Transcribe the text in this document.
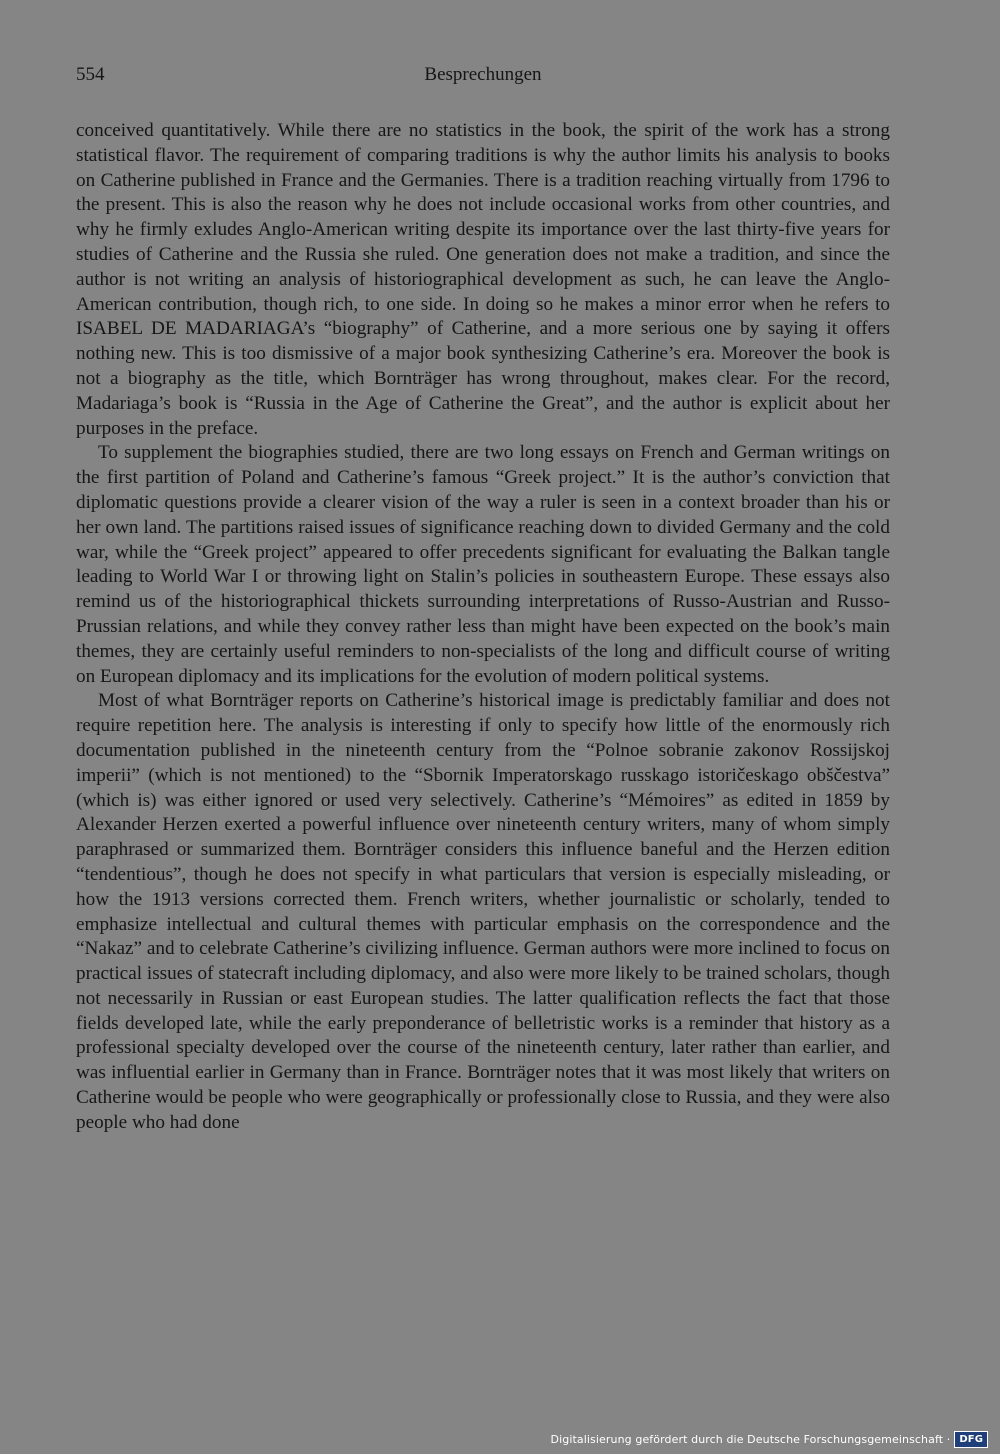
554	Besprechungen

conceived quantitatively. While there are no statistics in the book, the spirit of the work has a strong statistical flavor. The requirement of comparing traditions is why the author limits his analysis to books on Catherine published in France and the Germanies. There is a tradition reaching virtually from 1796 to the present. This is also the reason why he does not include occasional works from other countries, and why he firmly exludes Anglo-American writing despite its importance over the last thirty-five years for studies of Catherine and the Russia she ruled. One generation does not make a tradition, and since the author is not writing an analysis of historiographical development as such, he can leave the Anglo-American contribution, though rich, to one side. In doing so he makes a minor error when he refers to ISABEL DE MADARIAGA’s “biography” of Catherine, and a more serious one by saying it offers nothing new. This is too dismissive of a major book synthesizing Catherine’s era. Moreover the book is not a biography as the title, which Bornträger has wrong throughout, makes clear. For the record, Madariaga’s book is “Russia in the Age of Catherine the Great”, and the author is explicit about her purposes in the preface.

To supplement the biographies studied, there are two long essays on French and German writings on the first partition of Poland and Catherine’s famous “Greek project.” It is the author’s conviction that diplomatic questions provide a clearer vision of the way a ruler is seen in a context broader than his or her own land. The partitions raised issues of significance reaching down to divided Germany and the cold war, while the “Greek project” appeared to offer precedents significant for evaluating the Balkan tangle leading to World War I or throwing light on Stalin’s policies in southeastern Europe. These essays also remind us of the historiographical thickets surrounding interpretations of Russo-Austrian and Russo-Prussian relations, and while they convey rather less than might have been expected on the book’s main themes, they are certainly useful reminders to non-specialists of the long and difficult course of writing on European diplomacy and its implications for the evolution of modern political systems.

Most of what Bornträger reports on Catherine’s historical image is predictably familiar and does not require repetition here. The analysis is interesting if only to specify how little of the enormously rich documentation published in the nineteenth century from the “Polnoe sobranie zakonov Rossijskoj imperii” (which is not mentioned) to the “Sbornik Imperatorskago russkago istoričeskago obščestva” (which is) was either ignored or used very selectively. Catherine’s “Mémoires” as edited in 1859 by Alexander Herzen exerted a powerful influence over nineteenth century writers, many of whom simply paraphrased or summarized them. Bornträger considers this influence baneful and the Herzen edition “tendentious”, though he does not specify in what particulars that version is especially misleading, or how the 1913 versions corrected them. French writers, whether journalistic or scholarly, tended to emphasize intellectual and cultural themes with particular emphasis on the correspondence and the “Nakaz” and to celebrate Catherine’s civilizing influence. German authors were more inclined to focus on practical issues of statecraft including diplomacy, and also were more likely to be trained scholars, though not necessarily in Russian or east European studies. The latter qualification reflects the fact that those fields developed late, while the early preponderance of belletristic works is a reminder that history as a professional specialty developed over the course of the nineteenth century, later rather than earlier, and was influential earlier in Germany than in France. Bornträger notes that it was most likely that writers on Catherine would be people who were geographically or professionally close to Russia, and they were also people who had done

Digitalisierung gefördert durch die Deutsche Forschungsgemeinschaft · DFG
